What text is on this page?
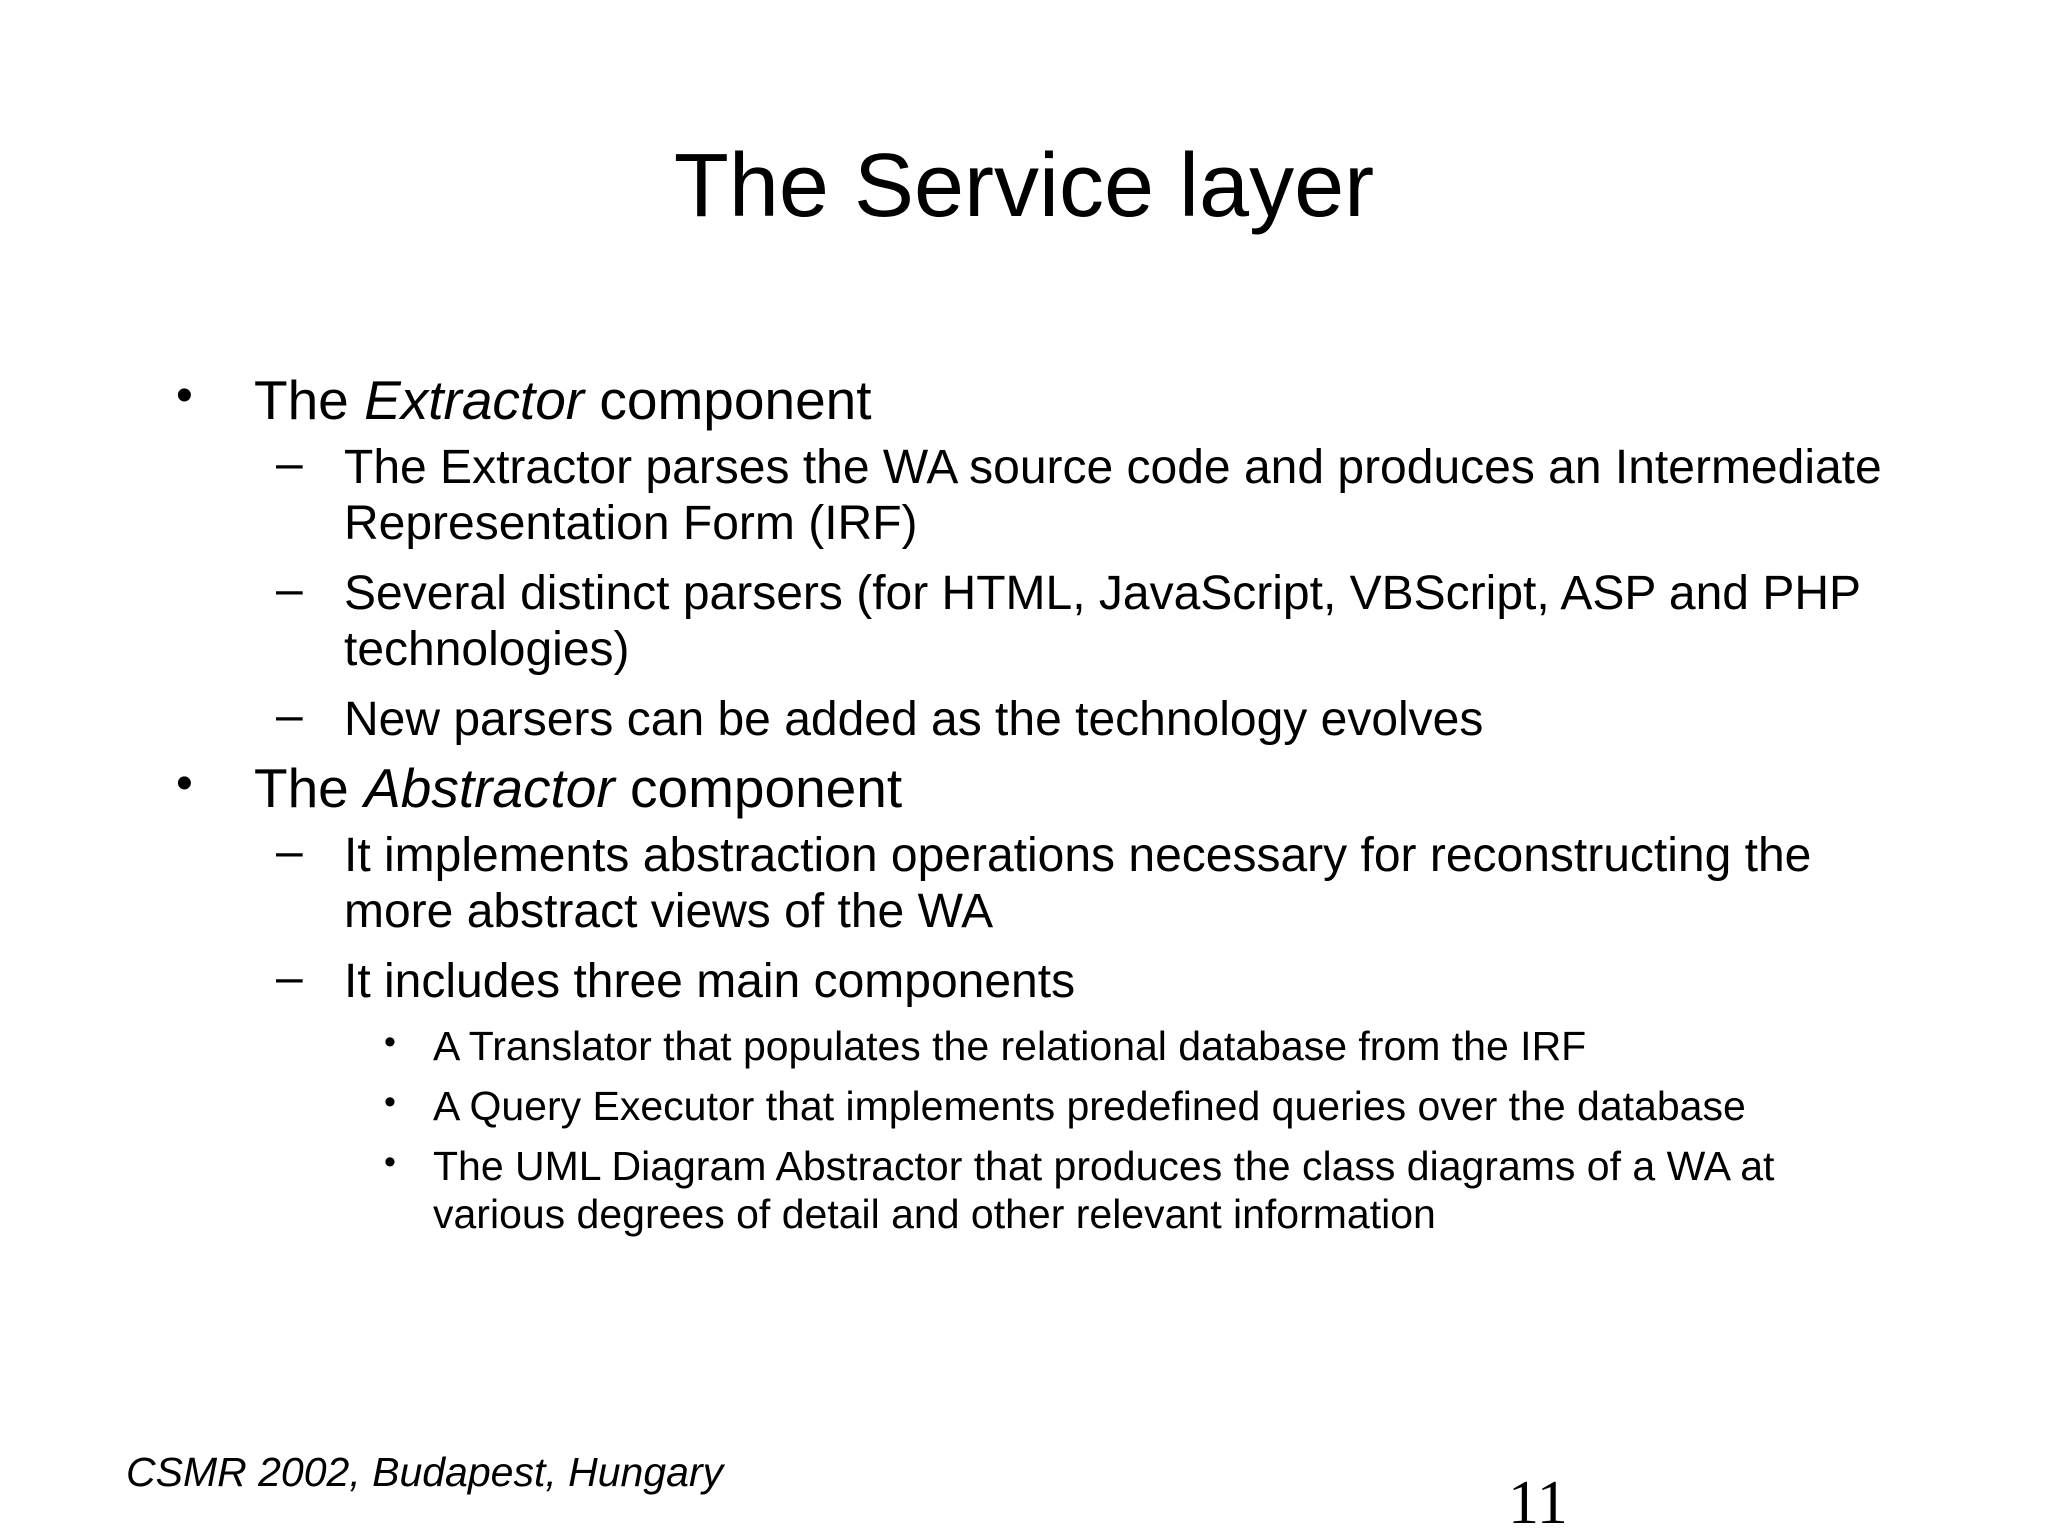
The Service layer

• The Extractor component

– The Extractor parses the WA source code and produces an Intermediate Representation Form (IRF)

– Several distinct parsers (for HTML, JavaScript, VBScript, ASP and PHP technologies)

– New parsers can be added as the technology evolves

• The Abstractor component

– It implements abstraction operations necessary for reconstructing the more abstract views of the WA

– It includes three main components

• A Translator that populates the relational database from the IRF

• A Query Executor that implements predefined queries over the database

• The UML Diagram Abstractor that produces the class diagrams of a WA at various degrees of detail and other relevant information

CSMR 2002, Budapest, Hungary	11
